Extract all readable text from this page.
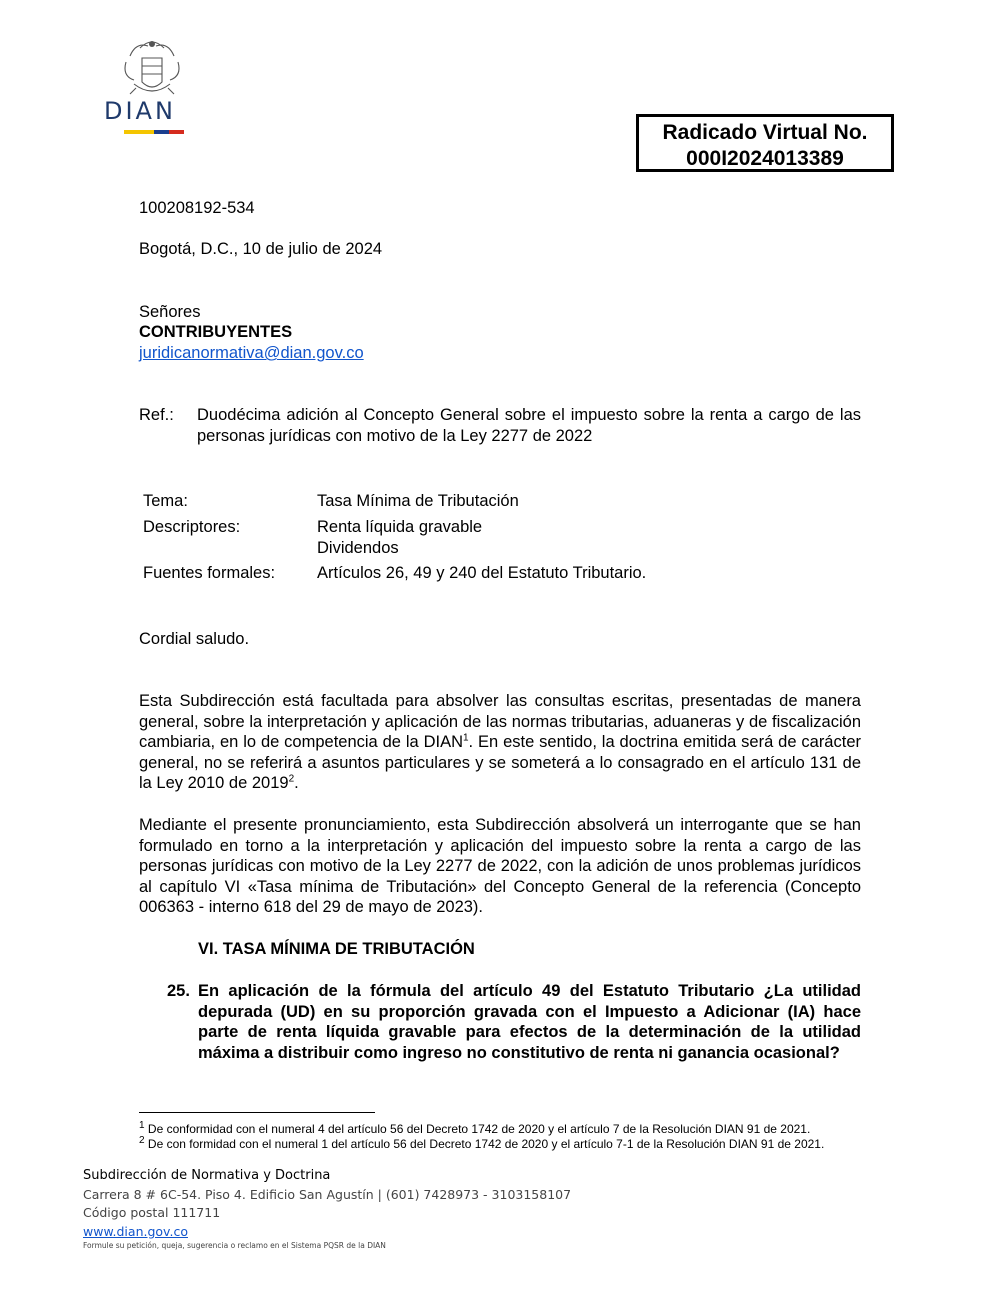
DIAN
Radicado Virtual No.
000I2024013389
100208192-534
Bogotá, D.C., 10 de julio de 2024
Señores
CONTRIBUYENTES
juridicanormativa@dian.gov.co
Ref.: Duodécima adición al Concepto General sobre el impuesto sobre la renta a cargo de las personas jurídicas con motivo de la Ley 2277 de 2022
Tema:	Tasa Mínima de Tributación
Descriptores:	Renta líquida gravable
Dividendos
Fuentes formales:	Artículos 26, 49 y 240 del Estatuto Tributario.
Cordial saludo.
Esta Subdirección está facultada para absolver las consultas escritas, presentadas de manera general, sobre la interpretación y aplicación de las normas tributarias, aduaneras y de fiscalización cambiaria, en lo de competencia de la DIAN$^1$. En este sentido, la doctrina emitida será de carácter general, no se referirá a asuntos particulares y se someterá a lo consagrado en el artículo 131 de la Ley 2010 de 2019$^2$.
Mediante el presente pronunciamiento, esta Subdirección absolverá un interrogante que se han formulado en torno a la interpretación y aplicación del impuesto sobre la renta a cargo de las personas jurídicas con motivo de la Ley 2277 de 2022, con la adición de unos problemas jurídicos al capítulo VI «Tasa mínima de Tributación» del Concepto General de la referencia (Concepto 006363 - interno 618 del 29 de mayo de 2023).
VI. TASA MÍNIMA DE TRIBUTACIÓN
25. En aplicación de la fórmula del artículo 49 del Estatuto Tributario ¿La utilidad depurada (UD) en su proporción gravada con el Impuesto a Adicionar (IA) hace parte de renta líquida gravable para efectos de la determinación de la utilidad máxima a distribuir como ingreso no constitutivo de renta ni ganancia ocasional?
$^1$ De conformidad con el numeral 4 del artículo 56 del Decreto 1742 de 2020 y el artículo 7 de la Resolución DIAN 91 de 2021.
$^2$ De con formidad con el numeral 1 del artículo 56 del Decreto 1742 de 2020 y el artículo 7-1 de la Resolución DIAN 91 de 2021.
Subdirección de Normativa y Doctrina
Carrera 8 # 6C-54. Piso 4. Edificio San Agustín | (601) 7428973 - 3103158107
Código postal 111711
www.dian.gov.co
Formule su petición, queja, sugerencia o reclamo en el Sistema PQSR de la DIAN
